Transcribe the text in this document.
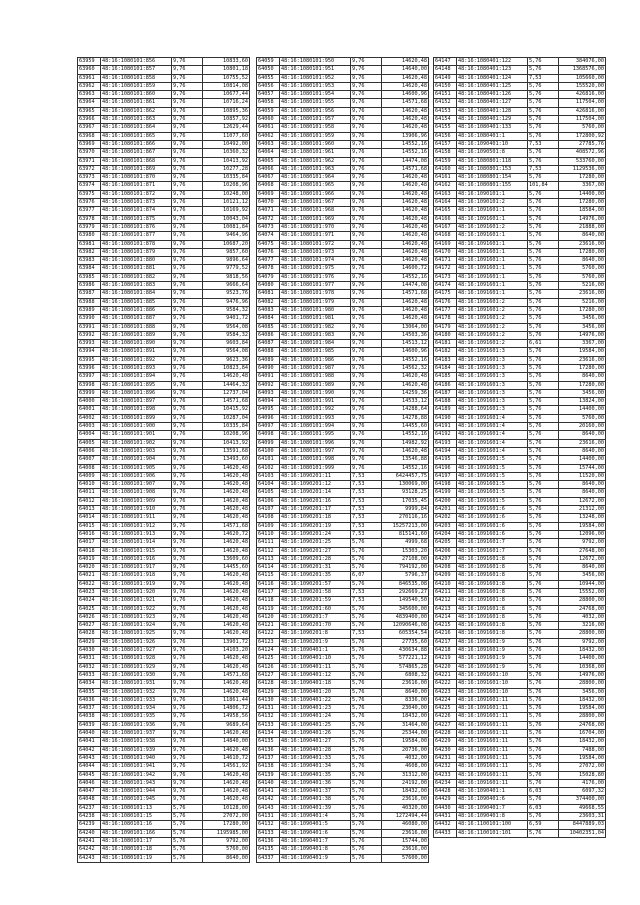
63959	48:16:1080101:856	9,76	10833,60
63960	48:16:1080101:857	9,76	10801,18
63961	48:16:1080101:858	9,76	10755,52
63962	48:16:1080101:859	9,76	10814,08
63963	48:16:1080101:860	9,76	10677,44
63964	48:16:1080101:861	9,76	10716,24
63965	48:16:1080101:862	9,76	10895,36
63966	48:16:1080101:863	9,76	10857,92
63967	48:16:1080101:864	9,76	12629,44
63968	48:16:1080101:865	9,76	11077,60
63969	48:16:1080101:866	9,76	10492,00
63970	48:16:1080101:867	9,76	10360,32
63971	48:16:1080101:868	9,76	10413,92
63972	48:16:1080101:869	9,76	10277,28
63973	48:16:1080101:870	9,76	10335,84
63974	48:16:1080101:871	9,76	10208,96
63975	48:16:1080101:872	9,76	10248,00
63976	48:16:1080101:873	9,76	10121,12
63977	48:16:1080101:874	9,76	10169,92
63978	48:16:1080101:875	9,76	10043,04
63979	48:16:1080101:876	9,76	10081,84
63980	48:16:1080101:877	9,76	9464,96
63981	48:16:1080101:878	9,76	10687,20
63982	48:16:1080101:879	9,76	9857,60
63983	48:16:1080101:880	9,76	9896,64
63984	48:16:1080101:881	9,76	9779,52
63985	48:16:1080101:882	9,76	9818,56
63986	48:16:1080101:883	9,76	9666,64
63987	48:16:1080101:884	9,76	9523,76
63988	48:16:1080101:885	9,76	9476,96
63989	48:16:1080101:886	9,76	9584,32
63990	48:16:1080101:887	9,76	9401,72
63991	48:16:1080101:888	9,76	9564,08
63992	48:16:1080101:889	9,76	9584,32
63993	48:16:1080101:890	9,76	9603,84
63994	48:16:1080101:891	9,76	9564,08
63995	48:16:1080101:892	9,76	9623,36
63996	48:16:1080101:893	9,76	10823,84
63997	48:16:1080101:894	9,76	14620,48
63998	48:16:1080101:895	9,76	14464,32
63999	48:16:1080101:896	9,76	12737,04
64000	48:16:1080101:897	9,76	14571,68
64001	48:16:1080101:898	9,76	10415,92
64002	48:16:1080101:899	9,76	10287,04
64003	48:16:1080101:900	9,76	10335,84
64004	48:16:1080101:901	9,76	10208,96
64005	48:16:1080101:902	9,76	10413,92
64006	48:16:1080101:903	9,76	13591,68
64007	48:16:1080101:904	9,76	13493,60
64008	48:16:1080101:905	9,76	14620,48
64009	48:16:1080101:906	9,76	14620,48
64010	48:16:1080101:907	9,76	14620,48
64011	48:16:1080101:908	9,76	14620,48
64012	48:16:1080101:909	9,76	14620,48
64013	48:16:1080101:910	9,76	14620,48
64014	48:16:1080101:911	9,76	14620,48
64015	48:16:1080101:912	9,76	14571,68
64016	48:16:1080101:913	9,76	14620,72
64017	48:16:1080101:914	9,76	14620,48
64018	48:16:1080101:915	9,76	14620,48
64019	48:16:1080101:916	9,76	13609,60
64020	48:16:1080101:917	9,76	14455,60
64021	48:16:1080101:918	9,76	14620,48
64022	48:16:1080101:919	9,76	14620,48
64023	48:16:1080101:920	9,76	14620,48
64024	48:16:1080101:921	9,76	14620,48
64025	48:16:1080101:922	9,76	14620,48
64026	48:16:1080101:923	9,76	14620,48
64027	48:16:1080101:924	9,76	14620,48
64028	48:16:1080101:925	9,76	14620,48
64029	48:16:1080101:926	9,76	13901,72
64030	48:16:1080101:927	9,76	14103,20
64031	48:16:1080101:928	9,76	14620,48
64032	48:16:1080101:929	9,76	14620,48
64033	48:16:1080101:930	9,76	14571,68
64034	48:16:1080101:931	9,76	14620,48
64035	48:16:1080101:932	9,76	14620,48
64036	48:16:1080101:933	9,76	11861,44
64037	48:16:1080101:934	9,76	14806,72
64038	48:16:1080101:935	9,76	14958,56
64039	48:16:1080101:936	9,76	9689,64
64040	48:16:1080101:937	9,76	14620,48
64041	48:16:1080101:938	9,76	14840,00
64042	48:16:1080101:939	9,76	14620,48
64043	48:16:1080101:940	9,76	14610,72
64044	48:16:1080101:941	9,76	14561,92
64045	48:16:1080101:942	9,76	14620,48
64046	48:16:1080101:943	9,76	14620,48
64047	48:16:1080101:944	9,76	14620,48
64048	48:16:1080101:945	9,76	14620,48
64237	48:16:1080101:13	5,76	10128,00
64238	48:16:1080101:15	5,76	27072,00
64239	48:16:1080101:16	5,76	17280,00
64240	48:16:1090101:166	5,76	1195985,00
64241	48:16:1080101:17	5,76	9792,00
64242	48:16:1080101:18	5,76	5760,00
64243	48:16:1080101:19	5,76	8640,00
64059	48:16:1080101:950	9,76	14620,48
64050	48:16:1080101:951	9,76	14640,00
64055	48:16:1080101:952	9,76	14620,48
64056	48:16:1080101:953	9,76	14620,48
64057	48:16:1080101:954	9,76	14600,96
64058	48:16:1080101:955	9,76	14571,68
64059	48:16:1080101:956	9,76	14620,48
64060	48:16:1080101:957	9,76	14620,48
64061	48:16:1080101:958	9,76	14620,48
64062	48:16:1080101:959	9,76	13906,96
64063	48:16:1080101:960	9,76	14552,16
64064	48:16:1080101:961	9,76	14552,16
64065	48:16:1080101:962	9,76	14474,08
64066	48:16:1080101:963	9,76	14571,68
64067	48:16:1080101:964	9,76	14620,48
64068	48:16:1080101:965	9,76	14620,48
64069	48:16:1080101:966	9,76	14620,48
64070	48:16:1080101:967	9,76	14620,48
64071	48:16:1080101:968	9,76	14620,48
64072	48:16:1080101:969	9,76	14620,48
64073	48:16:1080101:970	9,76	14620,48
64074	48:16:1080101:971	9,76	14620,48
64075	48:16:1080101:972	9,76	14620,48
64076	48:16:1080101:973	9,76	14620,48
64077	48:16:1080101:974	9,76	14620,48
64078	48:16:1080101:975	9,76	14600,72
64079	48:16:1080101:976	9,76	14552,16
64080	48:16:1080101:977	9,76	14474,08
64081	48:16:1080101:978	9,76	14571,68
64082	48:16:1080101:979	9,76	14620,48
64083	48:16:1080101:980	9,76	14620,48
64084	48:16:1080101:981	9,76	14620,48
64085	48:16:1080101:982	9,76	13064,00
64086	48:16:1080101:983	9,76	14503,36
64087	48:16:1080101:984	9,76	14513,12
64088	48:16:1080101:985	9,76	14600,96
64089	48:16:1080101:986	9,76	14552,16
64090	48:16:1080101:987	9,76	14562,32
64091	48:16:1080101:988	9,76	14620,48
64092	48:16:1080101:989	9,76	14620,48
64093	48:16:1080101:990	9,76	14259,36
64094	48:16:1080101:991	9,76	14533,12
64095	48:16:1080101:992	9,76	14288,64
64096	48:16:1080101:993	9,76	14278,88
64097	48:16:1080101:994	9,76	14455,60
64098	48:16:1080101:995	9,76	14552,16
64099	48:16:1080101:996	9,76	14982,92
64100	48:16:1080101:997	9,76	14620,48
64101	48:16:1080101:998	9,76	13546,88
64102	48:16:1080101:999	9,76	14552,16
64103	48:16:1090201:11	7,53	6424457,75
64104	48:16:1090201:12	7,53	130069,00
64105	48:16:1090201:14	7,53	93128,25
64106	48:16:1090201:16	7,53	17035,45
64107	48:16:1090201:17	7,53	9999,84
64108	48:16:1090201:18	7,53	270116,16
64109	48:16:1090201:19	7,53	15257213,00
64110	48:16:1090201:24	7,53	815141,60
64111	48:16:1090201:25	5,76	4999,68
64112	48:16:1090201:27	5,76	15303,20
64113	48:16:1090201:28	5,76	27108,00
64114	48:16:1090201:31	5,76	794192,00
64115	48:16:1090201:35	6,07	5796,37
64116	48:16:1090201:57	5,76	846535,08
64117	48:16:1090201:58	7,53	292669,27
64118	48:16:1090201:59	7,53	149540,50
64119	48:16:1090201:60	5,76	345600,00
64120	48:16:1090201:7	5,76	4839400,00
64121	48:16:1090201:70	5,76	12090646,08
64122	48:16:1090201:8	7,53	605354,54
64123	48:16:1090201:9	5,76	27735,60
64124	48:16:1090401:1	5,76	430634,88
64125	48:16:1090401:10	5,76	577221,12
64126	48:16:1090401:11	5,76	574865,28
64127	48:16:1090401:12	5,76	6808,32
64128	48:16:1090401:18	5,76	23616,00
64129	48:16:1090401:20	5,76	8640,00
64130	48:16:1090401:22	5,76	8336,00
64131	48:16:1090401:23	5,76	23040,00
64132	48:16:1090401:24	5,76	18432,00
64133	48:16:1090401:25	5,76	31464,00
64134	48:16:1090401:26	5,76	25344,00
64135	48:16:1090401:27	5,76	19584,00
64136	48:16:1090401:28	5,76	20736,00
64137	48:16:1090401:33	5,76	4032,00
64138	48:16:1090401:34	5,76	4608,00
64139	48:16:1090401:35	5,76	31312,00
64140	48:16:1090401:36	5,76	24192,00
64141	48:16:1090401:37	5,76	18432,00
64142	48:16:1090401:38	5,76	23616,00
64143	48:16:1090401:39	5,76	40320,00
64131	48:16:1090401:4	5,76	1272494,44
64132	48:16:1090401:5	5,76	46080,00
64133	48:16:1090401:6	5,76	23616,00
64136	48:16:1090401:7	5,76	15744,00
64135	48:16:1090401:8	5,76	23616,00
64337	48:16:1090401:9	5,76	57600,00
64147	48:16:1080401:122	5,76	384076,00
64148	48:16:1080401:123	5,76	1368576,00
64149	48:16:1080401:124	7,53	105660,00
64150	48:16:1080401:125	5,76	155520,00
64151	48:16:1080401:126	5,76	426816,00
64152	48:16:1080401:127	5,76	117504,00
64153	48:16:1080401:128	5,76	426816,00
64154	48:16:1080401:129	5,76	117504,00
64155	48:16:1080401:133	5,76	5760,00
64156	48:16:1080401:1	5,76	172800,92
64157	48:16:1090401:10	7,53	27785,76
64158	48:16:1090501:8	5,76	408572,96
64159	48:16:1080801:118	5,76	533760,00
64160	48:16:1080801:153	7,53	1129536,00
64161	48:16:1080801:154	5,76	17280,00
64162	48:16:1080801:155	101,84	3367,00
64163	48:16:1090101:1	5,76	14400,00
64164	48:16:1090101:2	5,76	17280,00
64165	48:16:1091601:1	5,76	18584,00
64166	48:16:1091601:1	5,76	14976,00
64167	48:16:1091601:2	5,76	21888,00
64168	48:16:1091601:1	5,76	8640,00
64169	48:16:1091601:1	5,76	23616,00
64170	48:16:1091601:1	5,76	17280,00
64171	48:16:1091601:1	5,76	8640,00
64172	48:16:1091601:1	5,76	5760,00
64173	48:16:1091601:1	5,76	5760,00
64174	48:16:1091601:1	5,76	5216,00
64175	48:16:1091601:1	5,76	23616,00
64176	48:16:1091601:2	5,76	5216,00
64177	48:16:1091601:2	5,76	17280,00
64178	48:16:1091601:2	5,76	3456,00
64179	48:16:1091601:2	5,76	3456,00
64180	48:16:1091601:2	5,76	14976,00
64181	48:16:1091601:2	6,61	3367,00
64182	48:16:1091601:3	5,76	19584,00
64183	48:16:1091601:3	5,76	23616,00
64184	48:16:1091601:3	5,76	17280,00
64185	48:16:1091601:3	5,76	8640,00
64186	48:16:1091601:3	5,76	17280,00
64187	48:16:1091601:3	5,76	3456,00
64188	48:16:1091601:3	5,76	13824,00
64189	48:16:1091601:3	5,76	14400,00
64190	48:16:1091601:4	5,76	5760,00
64191	48:16:1091601:4	5,76	20160,00
64192	48:16:1091601:4	5,76	8640,00
64193	48:16:1091601:4	5,76	23616,00
64194	48:16:1091601:4	5,76	8640,00
64195	48:16:1091601:5	5,76	14400,00
64196	48:16:1091601:5	5,76	15744,00
64197	48:16:1091601:5	5,76	11520,00
64198	48:16:1091601:5	5,76	8640,00
64199	48:16:1091601:5	5,76	8640,00
64200	48:16:1091601:5	5,76	12672,00
64201	48:16:1091601:6	5,76	21312,00
64202	48:16:1091601:6	5,76	13248,00
64203	48:16:1091601:6	5,76	19584,00
64204	48:16:1091601:6	5,76	12096,00
64205	48:16:1091601:7	5,76	9792,00
64206	48:16:1091601:7	5,76	27648,00
64207	48:16:1091601:8	5,76	12672,00
64208	48:16:1091601:8	5,76	8640,00
64209	48:16:1091601:8	5,76	3456,00
64210	48:16:1091601:8	5,76	10944,00
64211	48:16:1091601:8	5,76	15552,00
64212	48:16:1091601:8	5,76	28800,00
64213	48:16:1091601:8	5,76	24768,00
64214	48:16:1091601:8	5,76	4032,00
64215	48:16:1091601:8	5,76	3216,00
64216	48:16:1091601:8	5,76	28800,00
64217	48:16:1091601:9	5,76	9792,00
64218	48:16:1091601:9	5,76	18432,00
64219	48:16:1091601:9	5,76	14400,00
64220	48:16:1091601:9	5,76	10368,00
64221	48:16:1091601:10	5,76	14976,00
64222	48:16:1091601:10	5,76	28800,00
64223	48:16:1091601:10	5,76	3456,00
64224	48:16:1091601:11	5,76	18432,00
64225	48:16:1091601:11	5,76	19584,00
64226	48:16:1091601:11	5,76	28800,00
64227	48:16:1091601:11	5,76	24768,00
64228	48:16:1091601:11	5,76	16704,00
64229	48:16:1091601:11	5,76	18432,00
64230	48:16:1091601:11	5,76	7488,00
64231	48:16:1091601:11	5,76	19584,00
64232	48:16:1091601:11	5,76	27072,00
64233	48:16:1091601:11	5,76	15028,80
64234	48:16:1091601:11	5,76	4176,00
64428	48:16:1090401:1	6,03	6097,32
64429	48:16:1090401:6	5,76	374400,00
64430	48:16:1090401:7	6,03	49668,55
64431	48:16:1090401:8	5,76	23603,31
64432	48:16:1100101:100	6,59	8447889,03
64433	48:16:1100101:101	5,76	10402351,04
